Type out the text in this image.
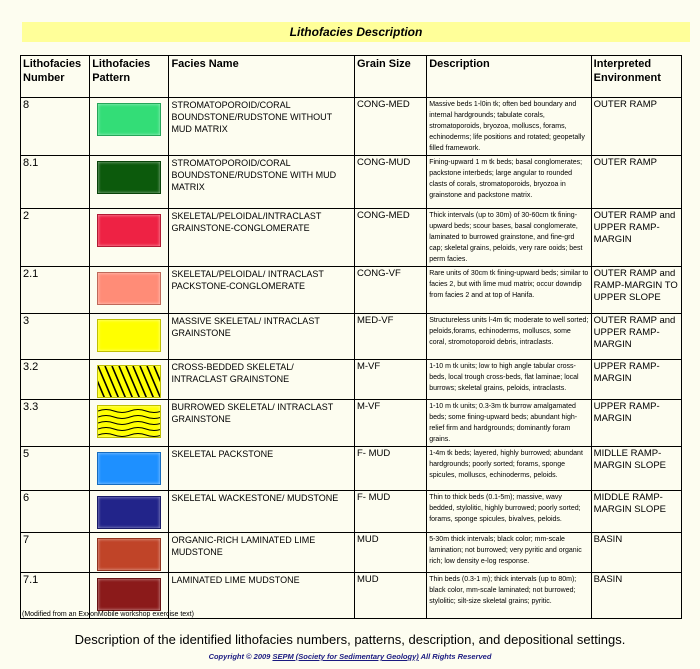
Lithofacies Description
Lithofacies Number	Lithofacies Pattern	Facies Name	Grain Size	Description	Interpreted Environment
8		STROMATOPOROID/CORAL BOUNDSTONE/RUDSTONE WITHOUT MUD MATRIX	CONG-MED	Massive beds 1-l0in tk; often bed boundary and internal hardgrounds; tabulate corals, stromatoporoids, bryozoa, molluscs, forams, echinoderms; life positions and rotated; geopetally filled framework.	OUTER RAMP
8.1		STROMATOPOROID/CORAL BOUNDSTONE/RUDSTONE WITH MUD MATRIX	CONG-MUD	Fining-upward 1 m tk beds; basal conglomerates; packstone interbeds; large angular to rounded clasts of corals, stromatoporoids, bryozoa in grainstone and packstone matrix.	OUTER RAMP
2		SKELETAL/PELOIDAL/INTRACLAST GRAINSTONE-CONGLOMERATE	CONG-MED	Thick intervals (up to 30m) of 30-60cm tk fining-upward beds; scour bases, basal conglomerate, laminated to burrowed grainstone, and fine-grd cap; skeletal grains, peloids, very rare ooids; best perm facies.	OUTER RAMP and UPPER RAMP-MARGIN
2.1		SKELETAL/PELOIDAL/ INTRACLAST PACKSTONE-CONGLOMERATE	CONG-VF	Rare units of 30cm tk fining-upward beds; similar to facies 2, but with lime mud matrix; occur downdip from facies 2 and at top of Hanifa.	OUTER RAMP and RAMP-MARGIN TO UPPER SLOPE
3		MASSIVE SKELETAL/ INTRACLAST GRAINSTONE	MED-VF	Structureless units l-4m tk; moderate to well sorted; peloids,forams, echinoderms, molluscs, some coral, stromotoporoid debris, intraclasts.	OUTER RAMP and UPPER RAMP-MARGIN
3.2		CROSS-BEDDED SKELETAL/ INTRACLAST GRAINSTONE	M-VF	1-10 m tk units; low to high angle tabular cross-beds, local trough cross-beds, flat laminae; local burrows; skeletal grains, peloids, intraclasts.	UPPER RAMP-MARGIN
3.3		BURROWED SKELETAL/ INTRACLAST GRAINSTONE	M-VF	1-10 m tk units; 0.3-3m tk burrow amalgamated beds; some fining-upward beds; abundant high-relief firm and hardgrounds; dominantly foram grains.	UPPER RAMP-MARGIN
5		SKELETAL PACKSTONE	F- MUD	1-4m tk beds; layered, highly burrowed; abundant hardgrounds; poorly sorted; forams, sponge spicules, molluscs, echinoderms, peloids.	MIDLLE RAMP-MARGIN SLOPE
6		SKELETAL WACKESTONE/ MUDSTONE	F- MUD	Thin to thick beds (0.1-5m); massive, wavy bedded, stylolitic, highly burrowed; poorly sorted; forams, sponge spicules, bivalves, peloids.	MIDDLE RAMP-MARGIN SLOPE
7		ORGANIC-RICH LAMINATED LIME MUDSTONE	MUD	5-30m thick intervals; black color; mm-scale lamination; not burrowed; very pyritic and organic rich; low density e-log response.	BASIN
7.1		LAMINATED LIME MUDSTONE	MUD	Thin beds (0.3-1 m); thick intervals (up to 80m); black color, mm-scale laminated; not burrowed; stylolitic; silt-size skeletal grains; pyritic.	BASIN
(Modified from an ExxonMobile workshop exercise text)
Description of the identified lithofacies numbers, patterns, description, and depositional settings.
Copyright © 2009 SEPM (Society for Sedimentary Geology) All Rights Reserved
